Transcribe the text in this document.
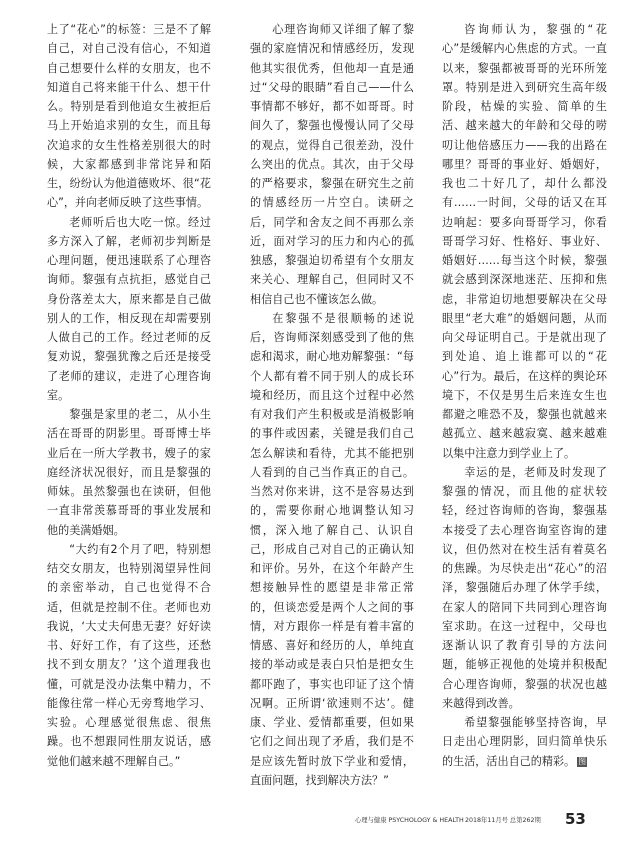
上了“花心”的标签：三是不了解自己，对自己没有信心，不知道自己想要什么样的女朋友，也不知道自己将来能干什么、想干什么。特别是看到他追女生被拒后马上开始追求别的女生，而且每次追求的女生性格差别很大的时候，大家都感到非常诧异和陌生，纷纷认为他道德败坏、很“花心”，并向老师反映了这些事情。

老师听后也大吃一惊。经过多方深入了解，老师初步判断是心理问题，便迅速联系了心理咨询师。黎强有点抗拒，感觉自己身份落差太大，原来都是自己做别人的工作，相反现在却需要别人做自己的工作。经过老师的反复劝说，黎强犹豫之后还是接受了老师的建议，走进了心理咨询室。

黎强是家里的老二，从小生活在哥哥的阴影里。哥哥博士毕业后在一所大学教书，嫂子的家庭经济状况很好，而且是黎强的师妹。虽然黎强也在读研，但他一直非常羡慕哥哥的事业发展和他的美满婚姻。

“大约有2个月了吧，特别想结交女朋友，也特别渴望异性间的亲密举动，自己也觉得不合适，但就是控制不住。老师也劝我说，‘大丈夫何患无妻？好好读书、好好工作，有了这些，还愁找不到女朋友？’这个道理我也懂，可就是没办法集中精力，不能像往常一样心无旁骛地学习、实验。心理感觉很焦虑、很焦躁。也不想跟同性朋友说话，感觉他们越来越不理解自己。”

心理咨询师又详细了解了黎强的家庭情况和情感经历，发现他其实很优秀，但他却一直是通过“父母的眼睛”看自己——什么事情都不够好，都不如哥哥。时间久了，黎强也慢慢认同了父母的观点，觉得自己很差劲，没什么突出的优点。其次，由于父母的严格要求，黎强在研究生之前的情感经历一片空白。读研之后，同学和舍友之间不再那么亲近，面对学习的压力和内心的孤独感，黎强迫切希望有个女朋友来关心、理解自己，但同时又不相信自己也不懂该怎么做。

在黎强不是很顺畅的述说后，咨询师深刻感受到了他的焦虑和渴求，耐心地劝解黎强：“每个人都有着不同于别人的成长环境和经历，而且这个过程中必然有对我们产生积极或是消极影响的事件或因素，关键是我们自己怎么解读和看待，尤其不能把别人看到的自己当作真正的自己。当然对你来讲，这不是容易达到的，需要你耐心地调整认知习惯，深入地了解自己、认识自己，形成自己对自己的正确认知和评价。另外，在这个年龄产生想接触异性的愿望是非常正常的，但谈恋爱是两个人之间的事情，对方跟你一样是有着丰富的情感、喜好和经历的人，单纯直接的举动或是表白只怕是把女生都吓跑了，事实也印证了这个情况啊。正所谓‘欲速则不达’。健康、学业、爱情都重要，但如果它们之间出现了矛盾，我们是不是应该先暂时放下学业和爱情，直面问题，找到解决方法？”

咨询师认为，黎强的“花心”是缓解内心焦虑的方式。一直以来，黎强都被哥哥的光环所笼罩。特别是进入到研究生高年级阶段，枯燥的实验、简单的生活、越来越大的年龄和父母的唠叨让他倍感压力——我的出路在哪里？哥哥的事业好、婚姻好，我也二十好几了，却什么都没有……一时间，父母的话又在耳边响起：要多向哥哥学习，你看哥哥学习好、性格好、事业好、婚姻好……每当这个时候，黎强就会感到深深地迷茫、压抑和焦虑，非常迫切地想要解决在父母眼里“老大难”的婚姻问题，从而向父母证明自己。于是就出现了到处追、追上谁都可以的“花心”行为。最后，在这样的舆论环境下，不仅是男生后来连女生也都避之唯恐不及，黎强也就越来越孤立、越来越寂寞、越来越难以集中注意力到学业上了。

幸运的是，老师及时发现了黎强的情况，而且他的症状较轻，经过咨询师的咨询，黎强基本接受了去心理咨询室咨询的建议，但仍然对在校生活有着莫名的焦躁。为尽快走出“花心”的沼泽，黎强随后办理了休学手续，在家人的陪同下共同到心理咨询室求助。在这一过程中，父母也逐渐认识了教育引导的方法问题，能够正视他的处境并积极配合心理咨询师，黎强的状况也越来越得到改善。

希望黎强能够坚持咨询，早日走出心理阴影，回归简单快乐的生活，活出自己的精彩。 图

心理与健康 PSYCHOLOGY & HEALTH 2018年11月号 总第262期 53
